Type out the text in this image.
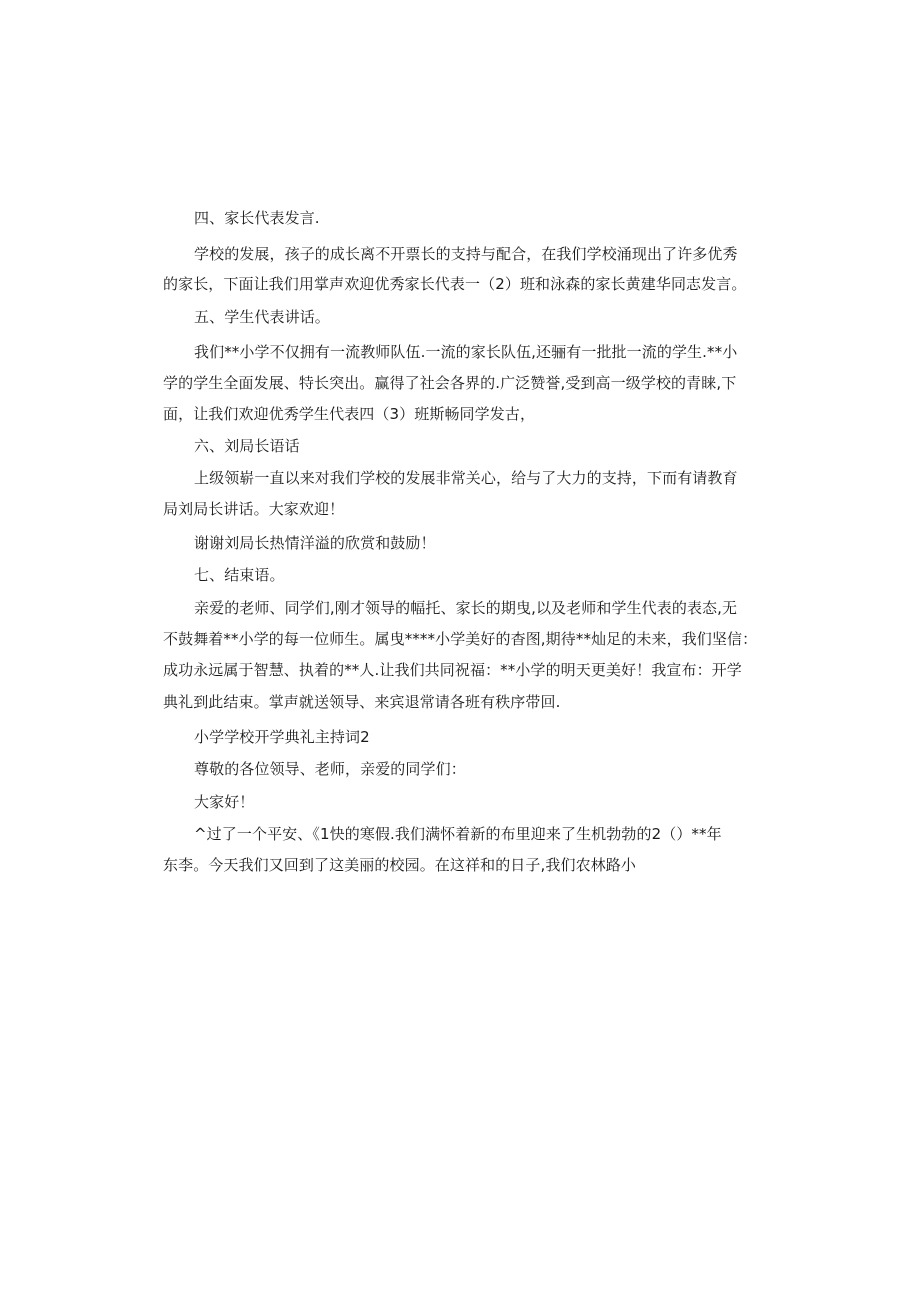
四、家长代表发言.
学校的发展，孩子的成长离不开票长的支持与配合，在我们学校涌现出了许多优秀
的家长，下面让我们用掌声欢迎优秀家长代表一（2）班和泳森的家长黄建华同志发言。
五、学生代表讲话。
我们**小学不仅拥有一流教师队伍.一流的家长队伍,还骊有一批批一流的学生.**小
学的学生全面发展、特长突出。赢得了社会各界的.广泛赞誉,受到高一级学校的青睐,下
面，让我们欢迎优秀学生代表四（3）班斯畅同学发古，
六、刘局长语话
上级领崭一直以来对我们学校的发展非常关心，给与了大力的支持，下而有请教育
局刘局长讲话。大家欢迎！
谢谢刘局长热情洋溢的欣赏和鼓励！
七、结束语。
亲爱的老师、同学们,刚才领导的幅托、家长的期曳,以及老师和学生代表的表态,无
不鼓舞着**小学的每一位师生。属曳****小学美好的杳图,期待**灿足的未来，我们坚信：
成功永远属于智慧、执着的**人.让我们共同祝福：**小学的明天更美好！我宣布：开学
典礼到此结束。掌声就送领导、来宾退常请各班有秩序带回.
小学学校开学典礼主持词2
尊敬的各位领导、老师，亲爱的同学们：
大家好！
^过了一个平安、《1快的寒假.我们满怀着新的布里迎来了生机勃勃的2（）**年
东李。今天我们又回到了这美丽的校园。在这祥和的日子,我们农林路小
